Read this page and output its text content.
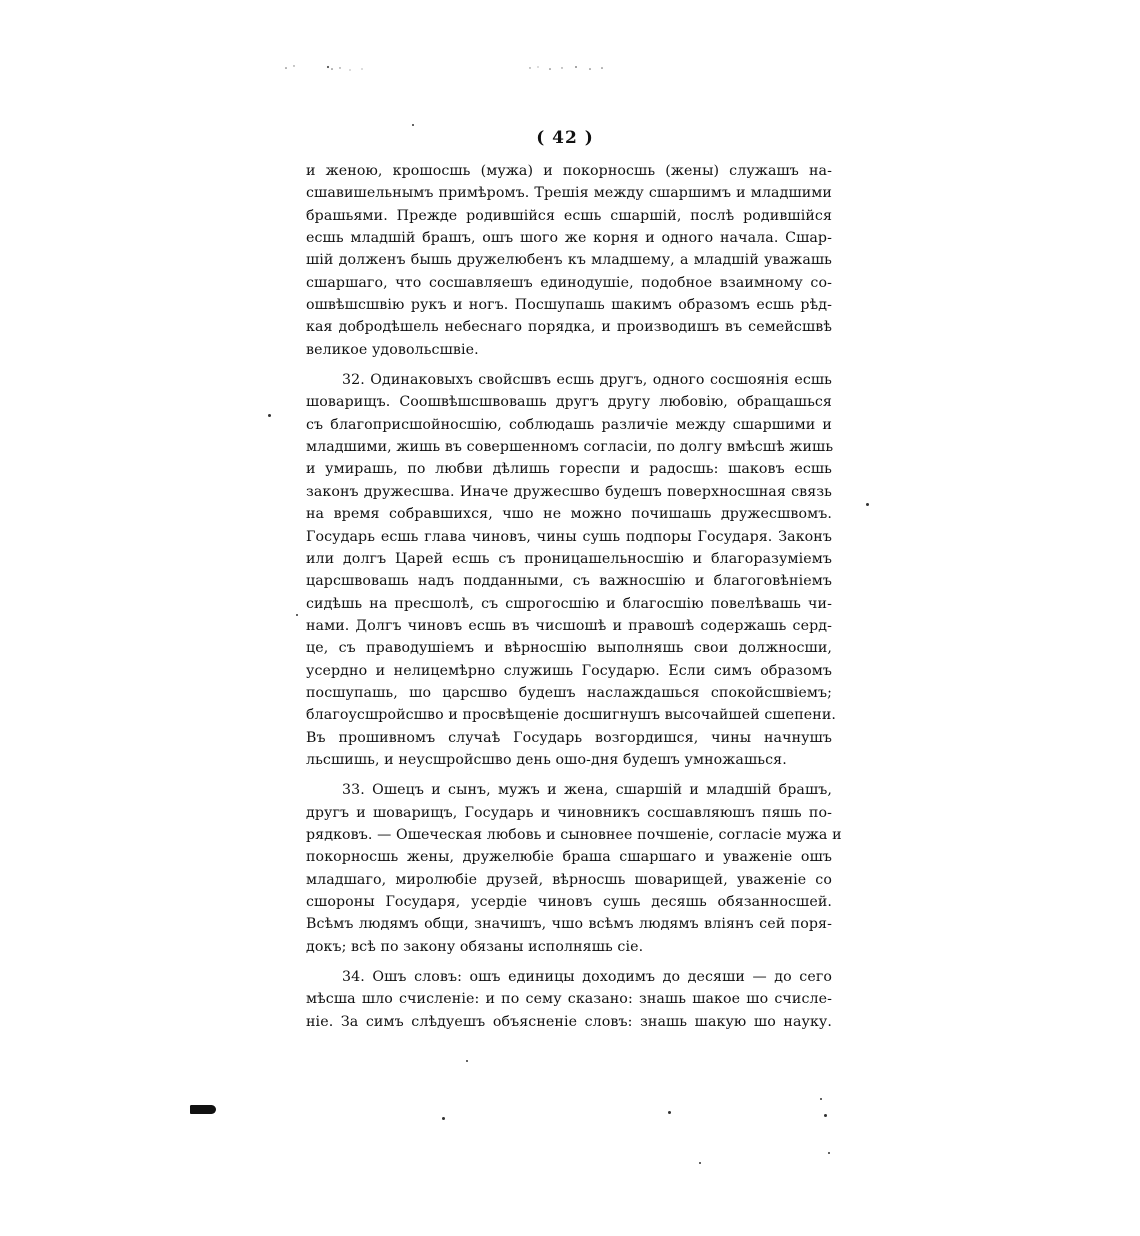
( 42 )
и женою, крошосшь (мужа) и покорносшь (жены) служашъ на-
сшавишельнымъ примѣромъ. Трешія между сшаршимъ и младшими
брашьями. Прежде родившійся есшь сшаршій, послѣ родившійся
есшь младшій брашъ, ошъ шого же корня и одного начала. Сшар-
шій долженъ бышь дружелюбенъ къ младшему, а младшій уважашь
сшаршаго, что сосшавляешъ единодушіе, подобное взаимному со-
ошвѣшсшвію рукъ и ногъ. Посшупашь шакимъ образомъ есшь рѣд-
кая добродѣшель небеснаго порядка, и производишъ въ семейсшвѣ
великое удовольсшвіе.
32. Одинаковыхъ свойсшвъ есшь другъ, одного сосшоянія есшь
шоварищъ. Соошвѣшсшвовашь другъ другу любовію, обращашься
съ благоприсшойносшію, соблюдашь различіе между сшаршими и
младшими, жишь въ совершенномъ согласіи, по долгу вмѣсшѣ жишь
и умирашь, по любви дѣлишь гореспи и радосшь: шаковъ есшь
законъ дружесшва. Иначе дружесшво будешъ поверхносшная связь
на время собравшихся, чшо не можно почишашь дружесшвомъ.
Государь есшь глава чиновъ, чины сушь подпоры Государя. Законъ
или долгъ Царей есшь съ проницашельносшію и благоразуміемъ
царсшвовашь надъ подданными, съ важносшію и благоговѣніемъ
сидѣшь на пресшолѣ, съ сшрогосшію и благосшію повелѣвашь чи-
нами. Долгъ чиновъ есшь въ чисшошѣ и правошѣ содержашь серд-
це, съ праводушіемъ и вѣрносшію выполняшь свои должносши,
усердно и нелицемѣрно служишь Государю. Если симъ образомъ
посшупашь, шо царсшво будешъ наслаждашься спокойсшвіемъ;
благоусшройсшво и просвѣщеніе досшигнушъ высочайшей сшепени.
Въ прошивномъ случаѣ Государь возгордишся, чины начнушъ
льсшишь, и неусшройсшво день ошо-дня будешъ умножашься.
33. Ошецъ и сынъ, мужъ и жена, сшаршій и младшій брашъ,
другъ и шоварищъ, Государь и чиновникъ сосшавляюшъ пяшь по-
рядковъ. — Ошеческая любовь и сыновнее почшеніе, согласіе мужа и
покорносшь жены, дружелюбіе браша сшаршаго и уваженіе ошъ
младшаго, миролюбіе друзей, вѣрносшь шоварищей, уваженіе со
сшороны Государя, усердіе чиновъ сушь десяшь обязанносшей.
Всѣмъ людямъ общи, значишъ, чшо всѣмъ людямъ влiянъ сей поря-
докъ; всѣ по закону обязаны исполняшь сіе.
34. Ошъ словъ: ошъ единицы доходимъ до десяши — до сего
мѣсша шло счисленіе: и по сему сказано: знашь шакое шо счисле-
ніе. За симъ слѣдуешъ объясненіе словъ: знашь шакую шо науку.
